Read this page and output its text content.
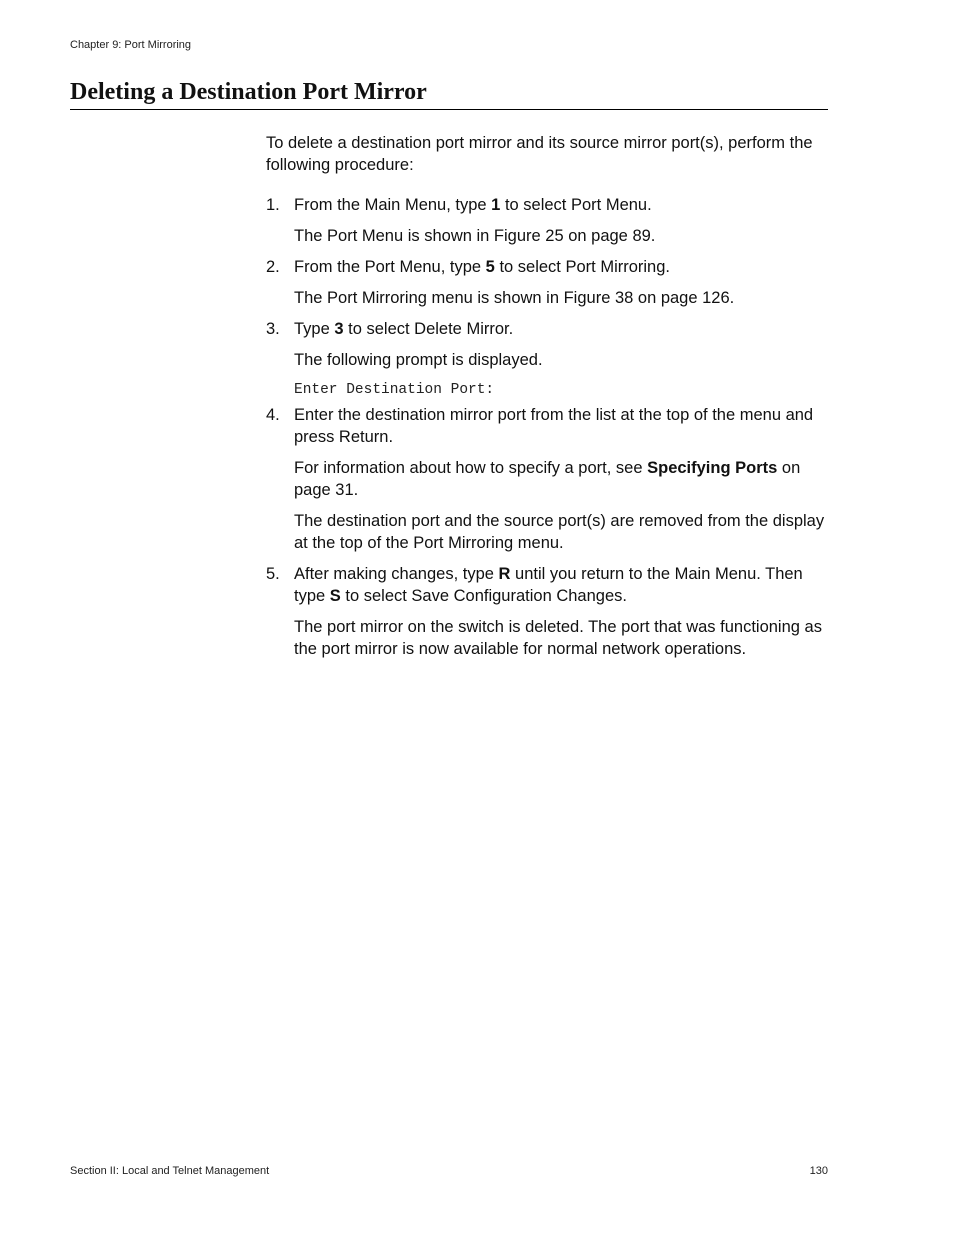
Chapter 9: Port Mirroring
Deleting a Destination Port Mirror

To delete a destination port mirror and its source mirror port(s), perform the following procedure:

1. From the Main Menu, type 1 to select Port Menu.

The Port Menu is shown in Figure 25 on page 89.

2. From the Port Menu, type 5 to select Port Mirroring.

The Port Mirroring menu is shown in Figure 38 on page 126.

3. Type 3 to select Delete Mirror.

The following prompt is displayed.

Enter Destination Port:

4. Enter the destination mirror port from the list at the top of the menu and press Return.

For information about how to specify a port, see Specifying Ports on page 31.

The destination port and the source port(s) are removed from the display at the top of the Port Mirroring menu.

5. After making changes, type R until you return to the Main Menu. Then type S to select Save Configuration Changes.

The port mirror on the switch is deleted. The port that was functioning as the port mirror is now available for normal network operations.

Section II: Local and Telnet Management	130
